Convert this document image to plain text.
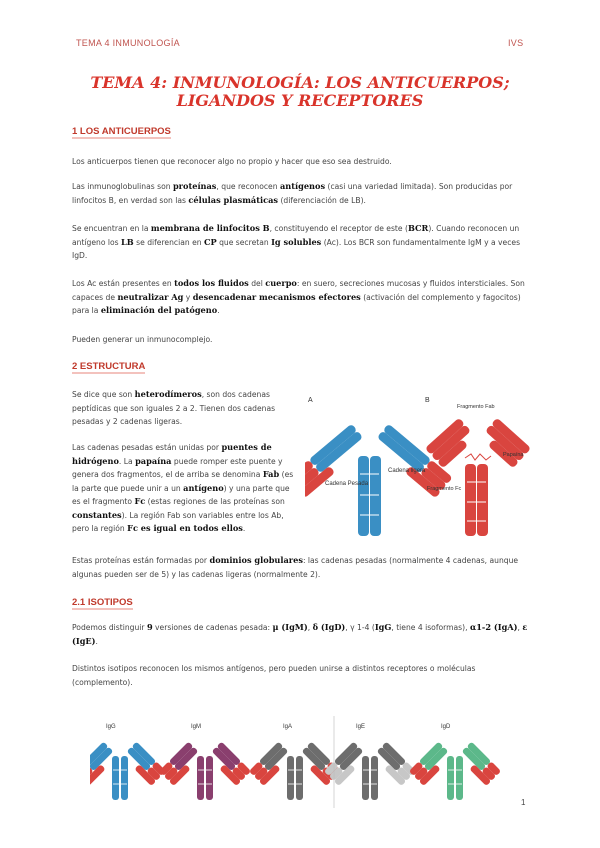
TEMA 4 INMUNOLOGÍA	IVS
TEMA 4: INMUNOLOGÍA: LOS ANTICUERPOS;
LIGANDOS Y RECEPTORES
1 LOS ANTICUERPOS
Los anticuerpos tienen que reconocer algo no propio y hacer que eso sea destruido.
Las inmunoglobulinas son proteínas, que reconocen antígenos (casi una variedad limitada). Son producidas por linfocitos B, en verdad son las células plasmáticas (diferenciación de LB).
Se encuentran en la membrana de linfocitos B, constituyendo el receptor de este (BCR). Cuando reconocen un antígeno los LB se diferencian en CP que secretan Ig solubles (Ac). Los BCR son fundamentalmente IgM y a veces IgD.
Los Ac están presentes en todos los fluidos del cuerpo: en suero, secreciones mucosas y fluidos intersticiales. Son capaces de neutralizar Ag y desencadenar mecanismos efectores (activación del complemento y fagocitos) para la eliminación del patógeno.
Pueden generar un inmunocomplejo.
2 ESTRUCTURA
Se dice que son heterodímeros, son dos cadenas peptídicas que son iguales 2 a 2. Tienen dos cadenas pesadas y 2 cadenas ligeras.
Las cadenas pesadas están unidas por puentes de hidrógeno. La papaína puede romper este puente y genera dos fragmentos, el de arriba se denomina Fab (es la parte que puede unir a un antígeno) y una parte que es el fragmento Fc (estas regiones de las proteínas son constantes). La región Fab son variables entre los Ab, pero la región Fc es igual en todos ellos.
A
Cadena ligera
Cadena Pesada
B
Fragmento Fab
Papaína
Fragmento Fc
Estas proteínas están formadas por dominios globulares: las cadenas pesadas (normalmente 4 cadenas, aunque algunas pueden ser de 5) y las cadenas ligeras (normalmente 2).
2.1 ISOTIPOS
Podemos distinguir 9 versiones de cadenas pesada: μ (IgM), δ (IgD), γ 1-4 (IgG, tiene 4 isoformas), α1-2 (IgA), ε (IgE).
Distintos isotipos reconocen los mismos antígenos, pero pueden unirse a distintos receptores o moléculas (complemento).
IgG	IgM	IgA	IgE	IgD
1
